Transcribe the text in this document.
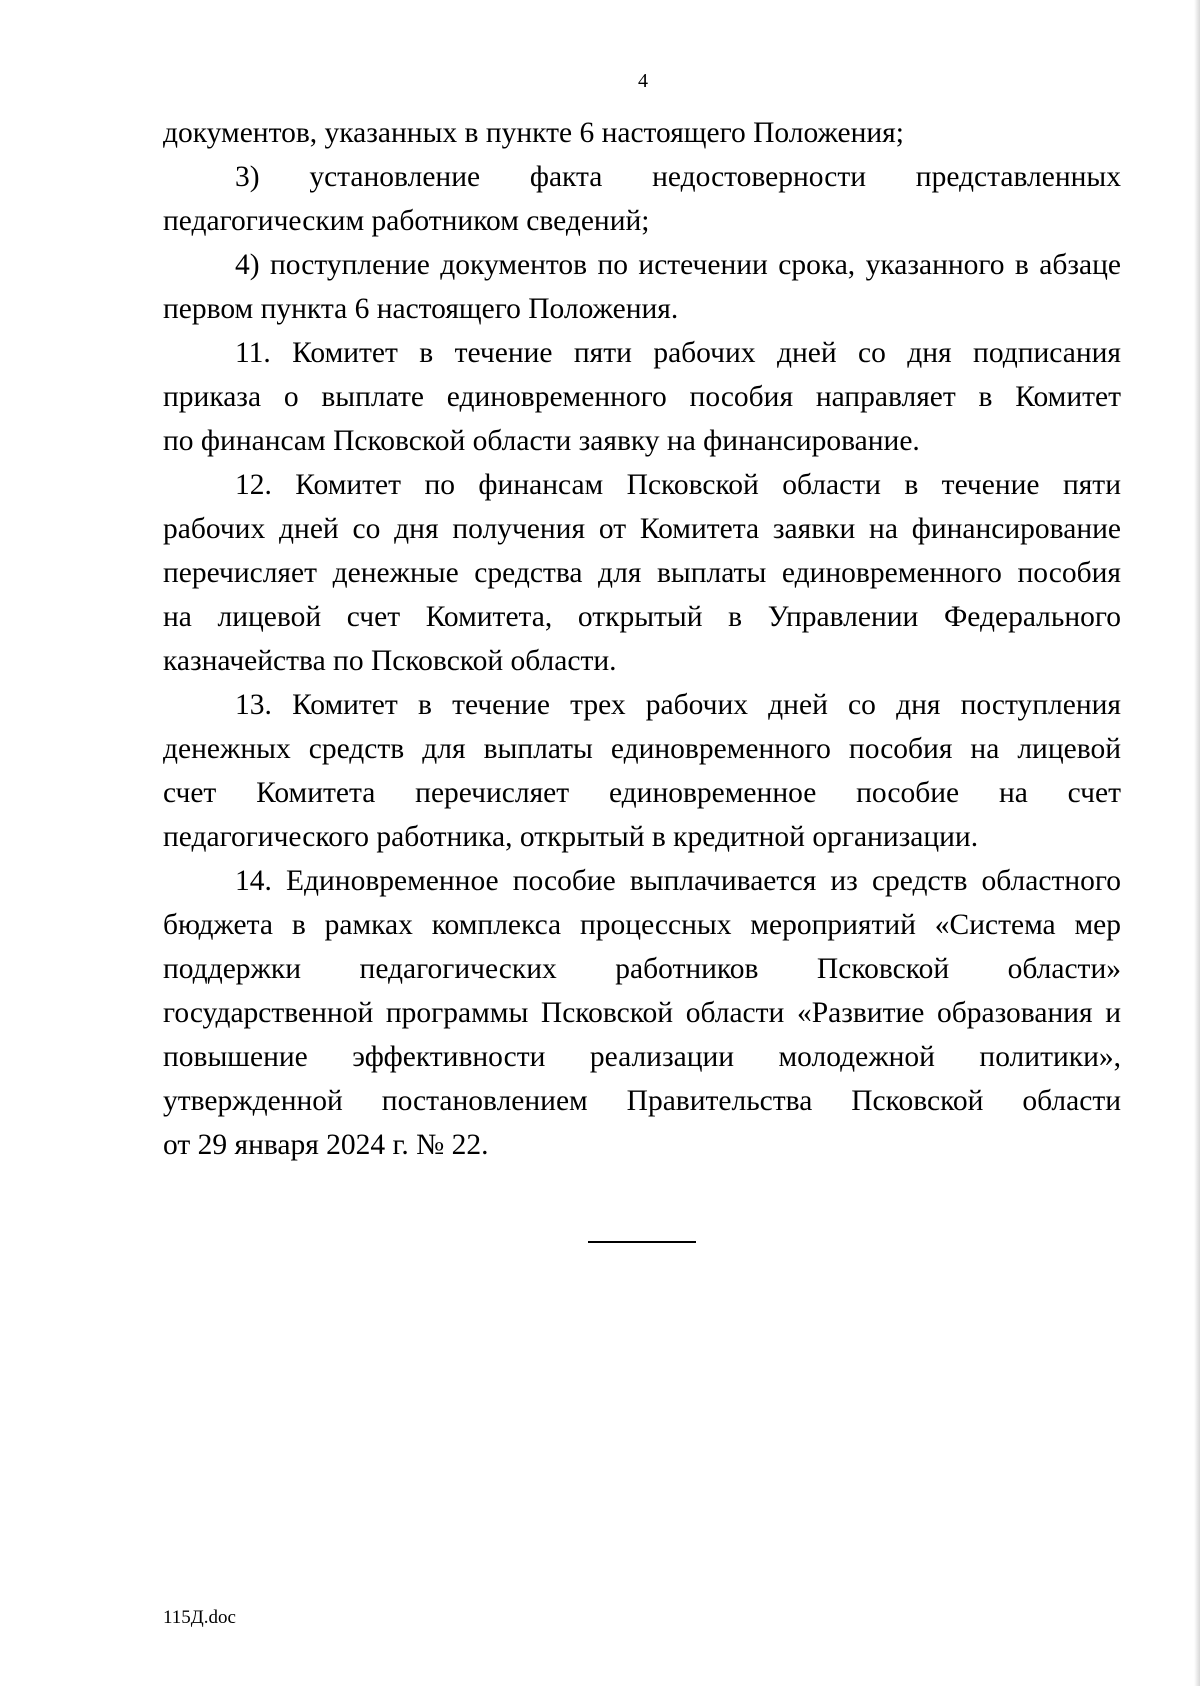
4

документов, указанных в пункте 6 настоящего Положения;

3) установление факта недостоверности представленных
педагогическим работником сведений;

4) поступление документов по истечении срока, указанного в абзаце
первом пункта 6 настоящего Положения.

11. Комитет в течение пяти рабочих дней со дня подписания
приказа о выплате единовременного пособия направляет в Комитет
по финансам Псковской области заявку на финансирование.

12. Комитет по финансам Псковской области в течение пяти
рабочих дней со дня получения от Комитета заявки на финансирование
перечисляет денежные средства для выплаты единовременного пособия
на лицевой счет Комитета, открытый в Управлении Федерального
казначейства по Псковской области.

13. Комитет в течение трех рабочих дней со дня поступления
денежных средств для выплаты единовременного пособия на лицевой
счет Комитета перечисляет единовременное пособие на счет
педагогического работника, открытый в кредитной организации.

14. Единовременное пособие выплачивается из средств областного
бюджета в рамках комплекса процессных мероприятий «Система мер
поддержки педагогических работников Псковской области»
государственной программы Псковской области «Развитие образования и
повышение эффективности реализации молодежной политики»,
утвержденной постановлением Правительства Псковской области
от 29 января 2024 г. № 22.

115Д.doc
